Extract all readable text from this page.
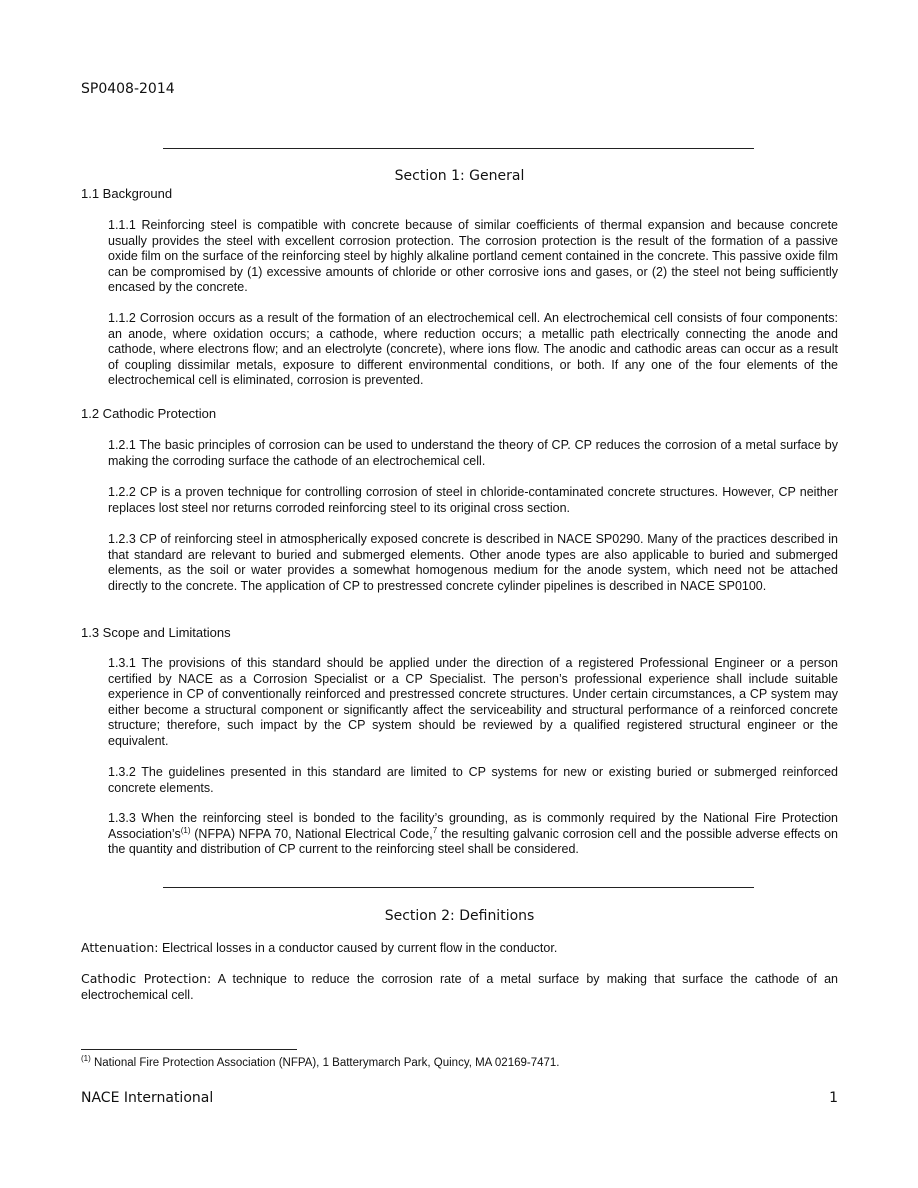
SP0408-2014
Section 1: General
1.1 Background

1.1.1 Reinforcing steel is compatible with concrete because of similar coefficients of thermal expansion and because concrete usually provides the steel with excellent corrosion protection. The corrosion protection is the result of the formation of a passive oxide film on the surface of the reinforcing steel by highly alkaline portland cement contained in the concrete. This passive oxide film can be compromised by (1) excessive amounts of chloride or other corrosive ions and gases, or (2) the steel not being sufficiently encased by the concrete.

1.1.2 Corrosion occurs as a result of the formation of an electrochemical cell. An electrochemical cell consists of four components: an anode, where oxidation occurs; a cathode, where reduction occurs; a metallic path electrically connecting the anode and cathode, where electrons flow; and an electrolyte (concrete), where ions flow. The anodic and cathodic areas can occur as a result of coupling dissimilar metals, exposure to different environmental conditions, or both. If any one of the four elements of the electrochemical cell is eliminated, corrosion is prevented.

1.2 Cathodic Protection

1.2.1 The basic principles of corrosion can be used to understand the theory of CP. CP reduces the corrosion of a metal surface by making the corroding surface the cathode of an electrochemical cell.

1.2.2 CP is a proven technique for controlling corrosion of steel in chloride-contaminated concrete structures. However, CP neither replaces lost steel nor returns corroded reinforcing steel to its original cross section.

1.2.3 CP of reinforcing steel in atmospherically exposed concrete is described in NACE SP0290. Many of the practices described in that standard are relevant to buried and submerged elements. Other anode types are also applicable to buried and submerged elements, as the soil or water provides a somewhat homogenous medium for the anode system, which need not be attached directly to the concrete. The application of CP to prestressed concrete cylinder pipelines is described in NACE SP0100.

1.3 Scope and Limitations

1.3.1 The provisions of this standard should be applied under the direction of a registered Professional Engineer or a person certified by NACE as a Corrosion Specialist or a CP Specialist. The person’s professional experience shall include suitable experience in CP of conventionally reinforced and prestressed concrete structures. Under certain circumstances, a CP system may either become a structural component or significantly affect the serviceability and structural performance of a reinforced concrete structure; therefore, such impact by the CP system should be reviewed by a qualified registered structural engineer or the equivalent.

1.3.2 The guidelines presented in this standard are limited to CP systems for new or existing buried or submerged reinforced concrete elements.

1.3.3 When the reinforcing steel is bonded to the facility’s grounding, as is commonly required by the National Fire Protection $Association’s^{(1)}$ (NFPA) NFPA 70, National Electrical Code,$^7$ the resulting galvanic corrosion cell and the possible adverse effects on the quantity and distribution of CP current to the reinforcing steel shall be considered.

Section 2: Definitions

Attenuation: Electrical losses in a conductor caused by current flow in the conductor.

Cathodic Protection: A technique to reduce the corrosion rate of a metal surface by making that surface the cathode of an electrochemical cell.

$^{(1)}$ National Fire Protection Association (NFPA), 1 Batterymarch Park, Quincy, MA 02169-7471.
NACE International	1
